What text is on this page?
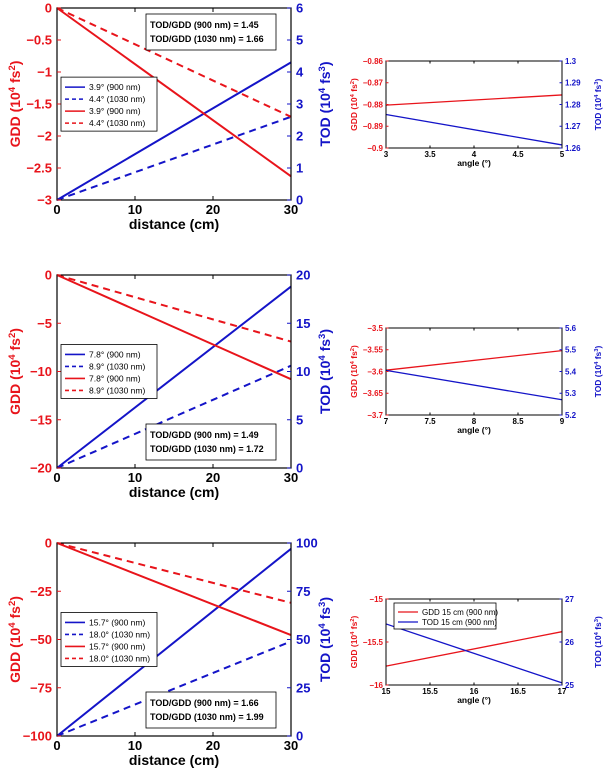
0	10	20	30
distance (cm)
−3
−2.5
−2
−1.5
−1
−0.5
0
0
1
2
3
4
5
6
GDD ($10^4$ $fs^2$)
TOD ($10^4$ $fs^3$)
TOD/GDD (900 nm) = 1.45
TOD/GDD (1030 nm) = 1.66
3.9° (900 nm)
4.4° (1030 nm)
3.9° (900 nm)
4.4° (1030 nm)
3	3.5	4	4.5	5
angle (°)
−0.9
−0.89
−0.88
−0.87
−0.86
1.26
1.27
1.28
1.29
1.3
GDD ($10^4$ $fs^2$)
TOD ($10^4$ $fs^3$)
0	10	20	30
distance (cm)
−20
−15
−10
−5
0
0
5
10
15
20
GDD ($10^4$ $fs^2$)
TOD ($10^4$ $fs^3$)
TOD/GDD (900 nm) = 1.49
TOD/GDD (1030 nm) = 1.72
7.8° (900 nm)
8.9° (1030 nm)
7.8° (900 nm)
8.9° (1030 nm)
7	7.5	8	8.5	9
angle (°)
−3.7
−3.65
−3.6
−3.55
−3.5
5.2
5.3
5.4
5.5
5.6
GDD ($10^4$ $fs^2$)
TOD ($10^4$ $fs^3$)
0	10	20	30
distance (cm)
−100
−75
−50
−25
0
0
25
50
75
100
GDD ($10^4$ $fs^2$)
TOD ($10^4$ $fs^3$)
TOD/GDD (900 nm) = 1.66
TOD/GDD (1030 nm) = 1.99
15.7° (900 nm)
18.0° (1030 nm)
15.7° (900 nm)
18.0° (1030 nm)
15	15.5	16	16.5	17
angle (°)
−16
−15.5
−15
25
26
27
GDD ($10^4$ $fs^2$)
TOD ($10^4$ $fs^3$)
GDD 15 cm (900 nm)
TOD 15 cm (900 nm)
